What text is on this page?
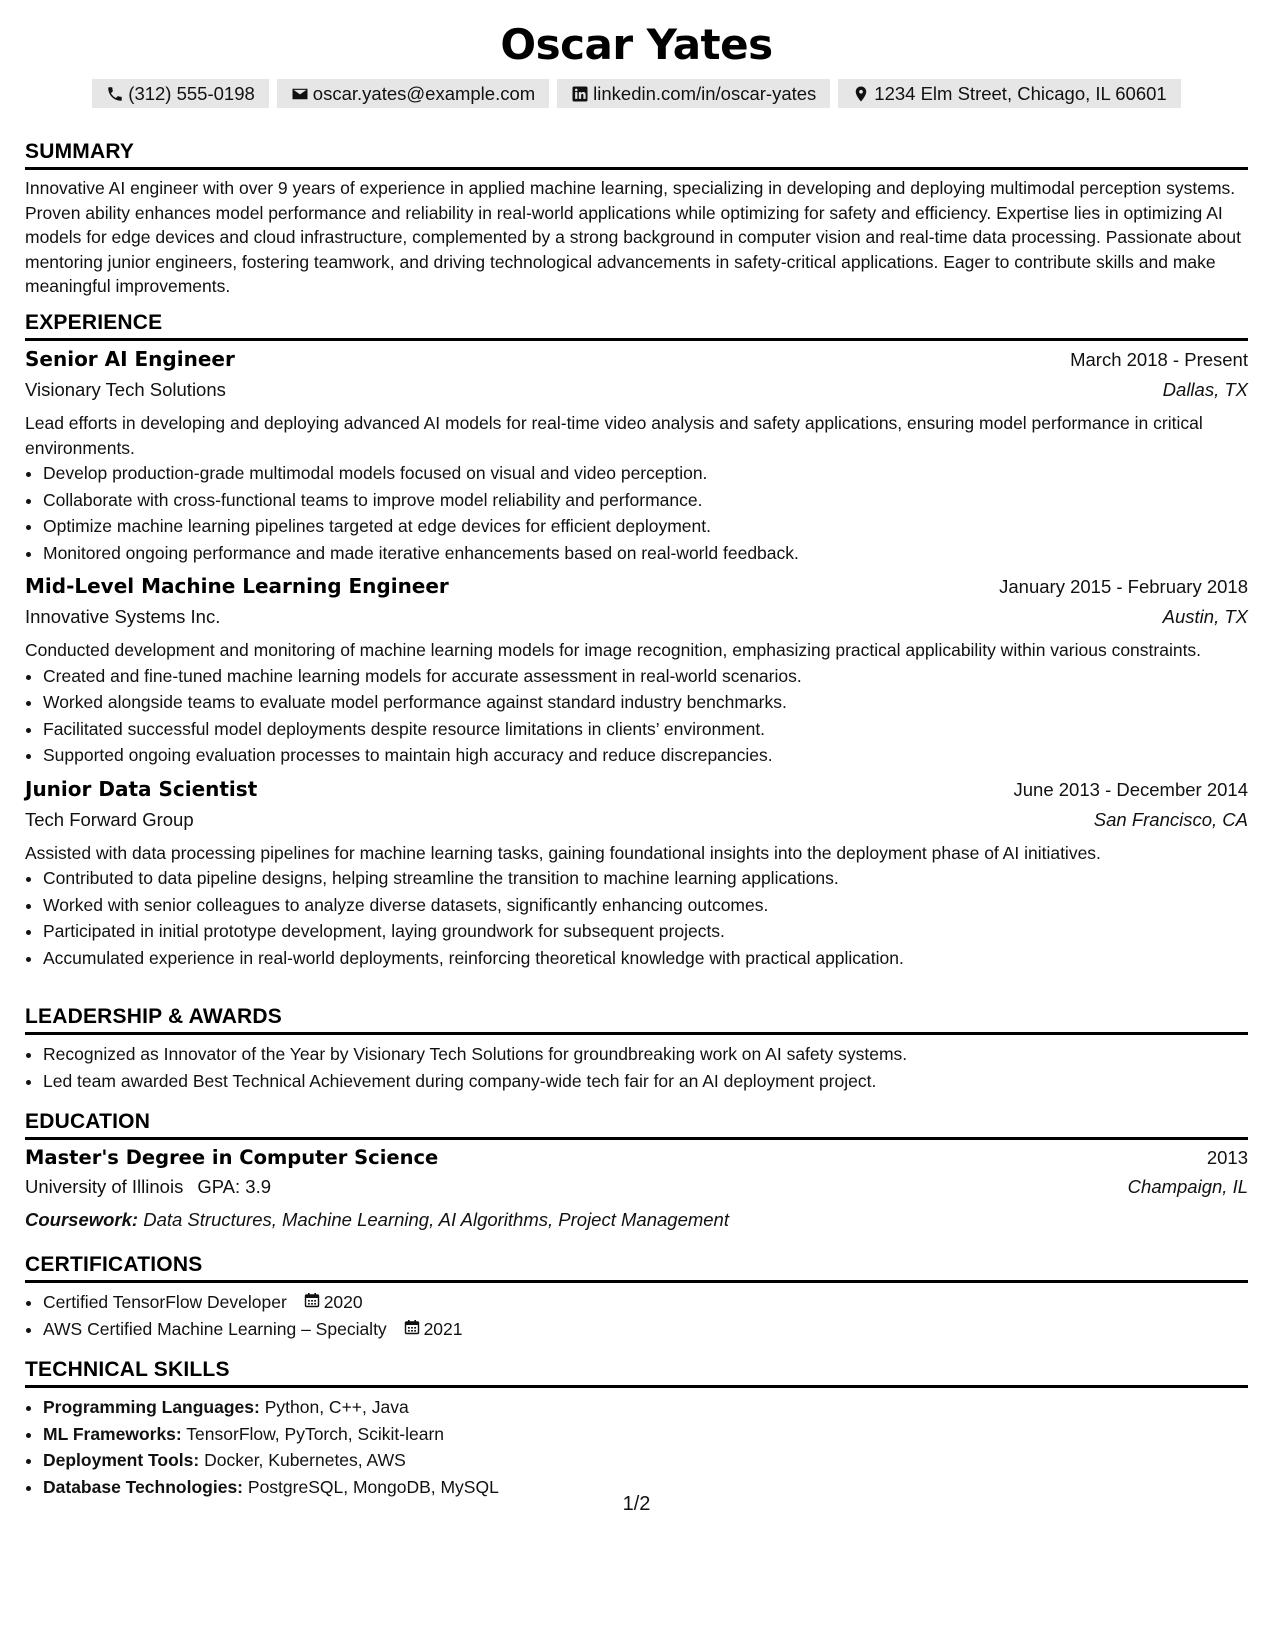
Oscar Yates
(312) 555-0198	oscar.yates@example.com	linkedin.com/in/oscar-yates	1234 Elm Street, Chicago, IL 60601
SUMMARY

Innovative AI engineer with over 9 years of experience in applied machine learning, specializing in developing and deploying multimodal perception systems. Proven ability enhances model performance and reliability in real-world applications while optimizing for safety and efficiency. Expertise lies in optimizing AI models for edge devices and cloud infrastructure, complemented by a strong background in computer vision and real-time data processing. Passionate about mentoring junior engineers, fostering teamwork, and driving technological advancements in safety-critical applications. Eager to contribute skills and make meaningful improvements.

EXPERIENCE
Senior AI Engineer	March 2018 - Present
Visionary Tech Solutions	Dallas, TX

Lead efforts in developing and deploying advanced AI models for real-time video analysis and safety applications, ensuring model performance in critical environments.

• Develop production-grade multimodal models focused on visual and video perception.
• Collaborate with cross-functional teams to improve model reliability and performance.
• Optimize machine learning pipelines targeted at edge devices for efficient deployment.
• Monitored ongoing performance and made iterative enhancements based on real-world feedback.
Mid-Level Machine Learning Engineer	January 2015 - February 2018
Innovative Systems Inc.	Austin, TX

Conducted development and monitoring of machine learning models for image recognition, emphasizing practical applicability within various constraints.

• Created and fine-tuned machine learning models for accurate assessment in real-world scenarios.
• Worked alongside teams to evaluate model performance against standard industry benchmarks.
• Facilitated successful model deployments despite resource limitations in clients’ environment.
• Supported ongoing evaluation processes to maintain high accuracy and reduce discrepancies.
Junior Data Scientist	June 2013 - December 2014
Tech Forward Group	San Francisco, CA

Assisted with data processing pipelines for machine learning tasks, gaining foundational insights into the deployment phase of AI initiatives.

• Contributed to data pipeline designs, helping streamline the transition to machine learning applications.
• Worked with senior colleagues to analyze diverse datasets, significantly enhancing outcomes.
• Participated in initial prototype development, laying groundwork for subsequent projects.
• Accumulated experience in real-world deployments, reinforcing theoretical knowledge with practical application.
LEADERSHIP & AWARDS
• Recognized as Innovator of the Year by Visionary Tech Solutions for groundbreaking work on AI safety systems.
• Led team awarded Best Technical Achievement during company-wide tech fair for an AI deployment project.
EDUCATION
Master's Degree in Computer Science	2013
University of Illinois GPA: 3.9	Champaign, IL
Coursework: Data Structures, Machine Learning, AI Algorithms, Project Management
CERTIFICATIONS
• Certified TensorFlow Developer 2020
• AWS Certified Machine Learning – Specialty 2021
TECHNICAL SKILLS
• Programming Languages: Python, C++, Java
• ML Frameworks: TensorFlow, PyTorch, Scikit-learn
• Deployment Tools: Docker, Kubernetes, AWS
• Database Technologies: PostgreSQL, MongoDB, MySQL
1/2
